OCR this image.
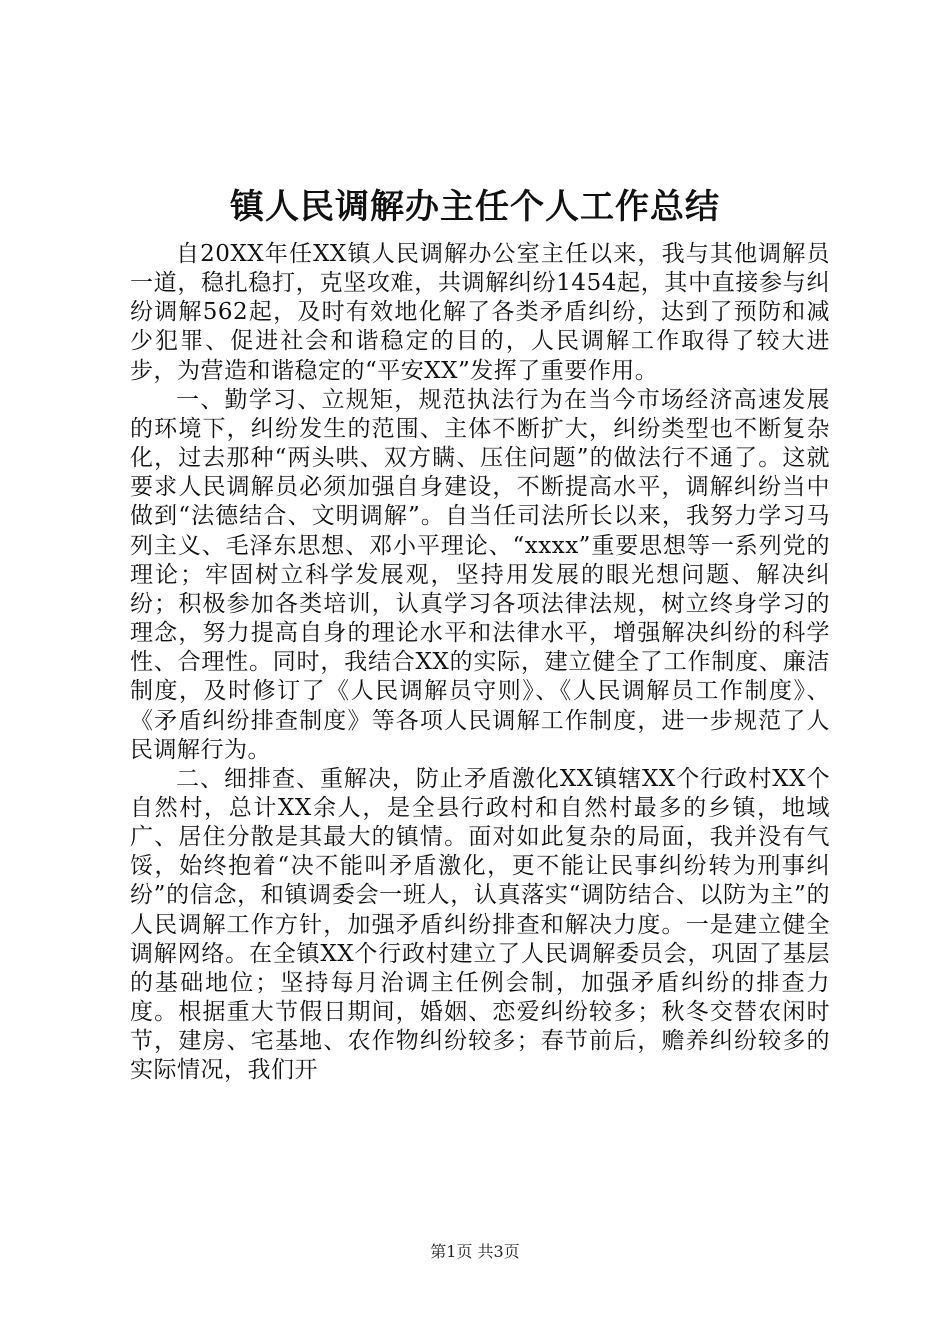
镇人民调解办主任个人工作总结

自20XX年任XX镇人民调解办公室主任以来，我与其他调解员一道，稳扎稳打，克坚攻难，共调解纠纷1454起，其中直接参与纠纷调解562起，及时有效地化解了各类矛盾纠纷，达到了预防和减少犯罪、促进社会和谐稳定的目的，人民调解工作取得了较大进步，为营造和谐稳定的“平安XX”发挥了重要作用。

一、勤学习、立规矩，规范执法行为在当今市场经济高速发展的环境下，纠纷发生的范围、主体不断扩大，纠纷类型也不断复杂化，过去那种“两头哄、双方瞒、压住问题”的做法行不通了。这就要求人民调解员必须加强自身建设，不断提高水平，调解纠纷当中做到“法德结合、文明调解”。自当任司法所长以来，我努力学习马列主义、毛泽东思想、邓小平理论、“xxxx”重要思想等一系列党的理论；牢固树立科学发展观，坚持用发展的眼光想问题、解决纠纷；积极参加各类培训，认真学习各项法律法规，树立终身学习的理念，努力提高自身的理论水平和法律水平，增强解决纠纷的科学性、合理性。同时，我结合XX的实际，建立健全了工作制度、廉洁制度，及时修订了《人民调解员守则》、《人民调解员工作制度》、《矛盾纠纷排查制度》等各项人民调解工作制度，进一步规范了人民调解行为。

二、细排查、重解决，防止矛盾激化XX镇辖XX个行政村XX个自然村，总计XX余人，是全县行政村和自然村最多的乡镇，地域广、居住分散是其最大的镇情。面对如此复杂的局面，我并没有气馁，始终抱着“决不能叫矛盾激化，更不能让民事纠纷转为刑事纠纷”的信念，和镇调委会一班人，认真落实“调防结合、以防为主”的人民调解工作方针，加强矛盾纠纷排查和解决力度。一是建立健全调解网络。在全镇XX个行政村建立了人民调解委员会，巩固了基层的基础地位；坚持每月治调主任例会制，加强矛盾纠纷的排查力度。根据重大节假日期间，婚姻、恋爱纠纷较多；秋冬交替农闲时节，建房、宅基地、农作物纠纷较多；春节前后，赡养纠纷较多的实际情况，我们开

第1页 共3页
